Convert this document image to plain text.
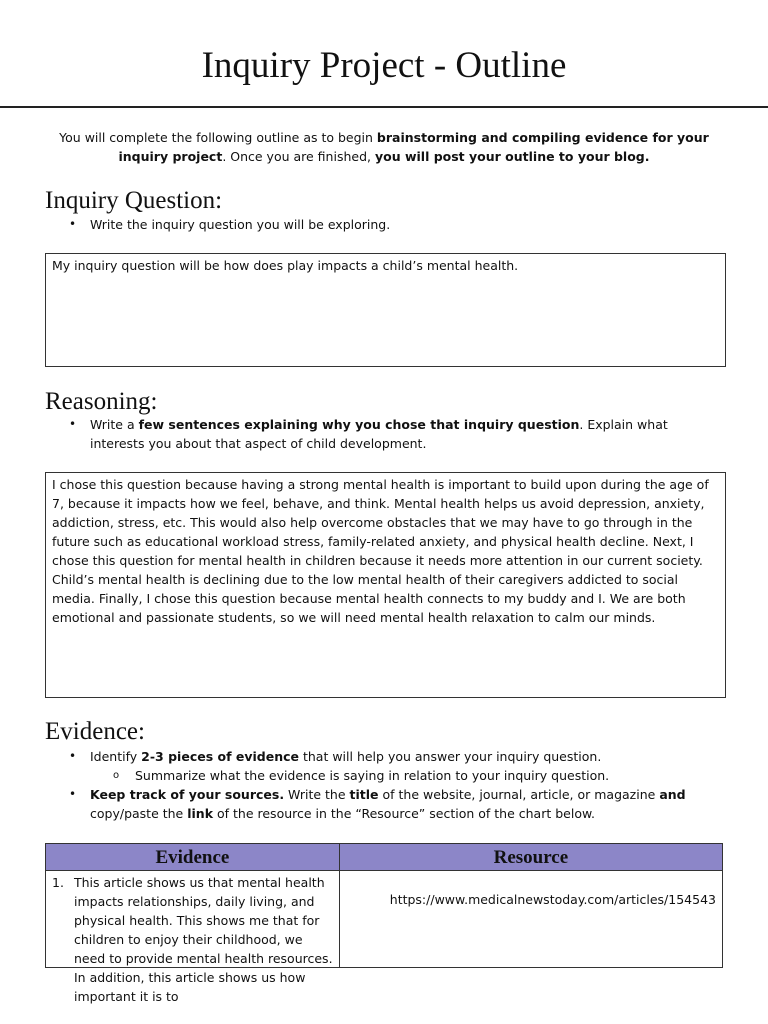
Inquiry Project - Outline
You will complete the following outline as to begin brainstorming and compiling evidence for your inquiry project. Once you are finished, you will post your outline to your blog.
Inquiry Question:
• Write the inquiry question you will be exploring.
My inquiry question will be how does play impacts a child’s mental health.
Reasoning:
• Write a few sentences explaining why you chose that inquiry question. Explain what interests you about that aspect of child development.
I chose this question because having a strong mental health is important to build upon during the age of 7, because it impacts how we feel, behave, and think. Mental health helps us avoid depression, anxiety, addiction, stress, etc. This would also help overcome obstacles that we may have to go through in the future such as educational workload stress, family-related anxiety, and physical health decline. Next, I chose this question for mental health in children because it needs more attention in our current society. Child’s mental health is declining due to the low mental health of their caregivers addicted to social media. Finally, I chose this question because mental health connects to my buddy and I. We are both emotional and passionate students, so we will need mental health relaxation to calm our minds.
Evidence:
• Identify 2-3 pieces of evidence that will help you answer your inquiry question.
o Summarize what the evidence is saying in relation to your inquiry question.
• Keep track of your sources. Write the title of the website, journal, article, or magazine and copy/paste the link of the resource in the “Resource” section of the chart below.
Evidence	Resource

1. This article shows us that mental health impacts relationships, daily living, and physical health. This shows me that for children to enjoy their childhood, we need to provide mental health resources. In addition, this article shows us how important it is to	https://www.medicalnewstoday.com/articles/154543
